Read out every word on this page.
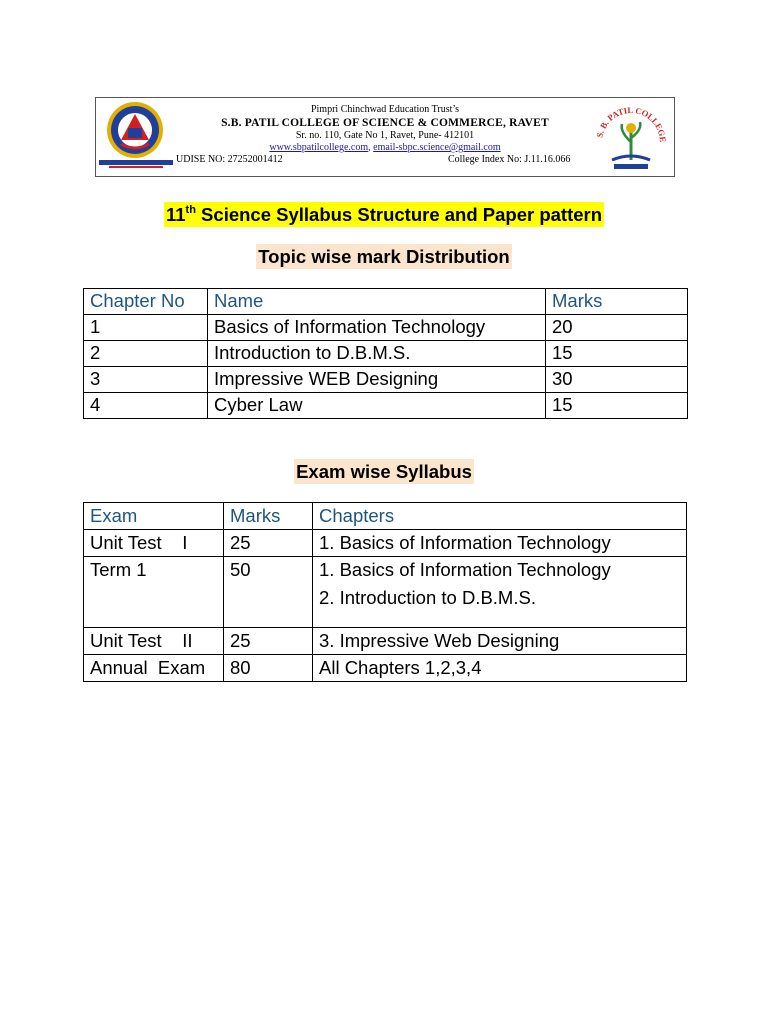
Pimpri Chinchwad Education Trust’s
S.B. PATIL COLLEGE OF SCIENCE & COMMERCE, RAVET
Sr. no. 110, Gate No 1, Ravet, Pune- 412101
www.sbpatilcollege.com, email-sbpc.science@gmail.com
UDISE NO: 27252001412	College Index No: J.11.16.066
S. B. PATIL COLLEGE
11th Science Syllabus Structure and Paper pattern
Topic wise mark Distribution
Chapter No	Name	Marks
1	Basics of Information Technology	20
2	Introduction to D.B.M.S.	15
3	Impressive WEB Designing	30
4	Cyber Law	15
Exam wise Syllabus
Exam	Marks	Chapters
Unit Test    I	25	1. Basics of Information Technology
Term 1	50	1. Basics of Information Technology
2. Introduction to D.B.M.S.

Unit Test    II	25	3. Impressive Web Designing
Annual  Exam	80	All Chapters 1,2,3,4
